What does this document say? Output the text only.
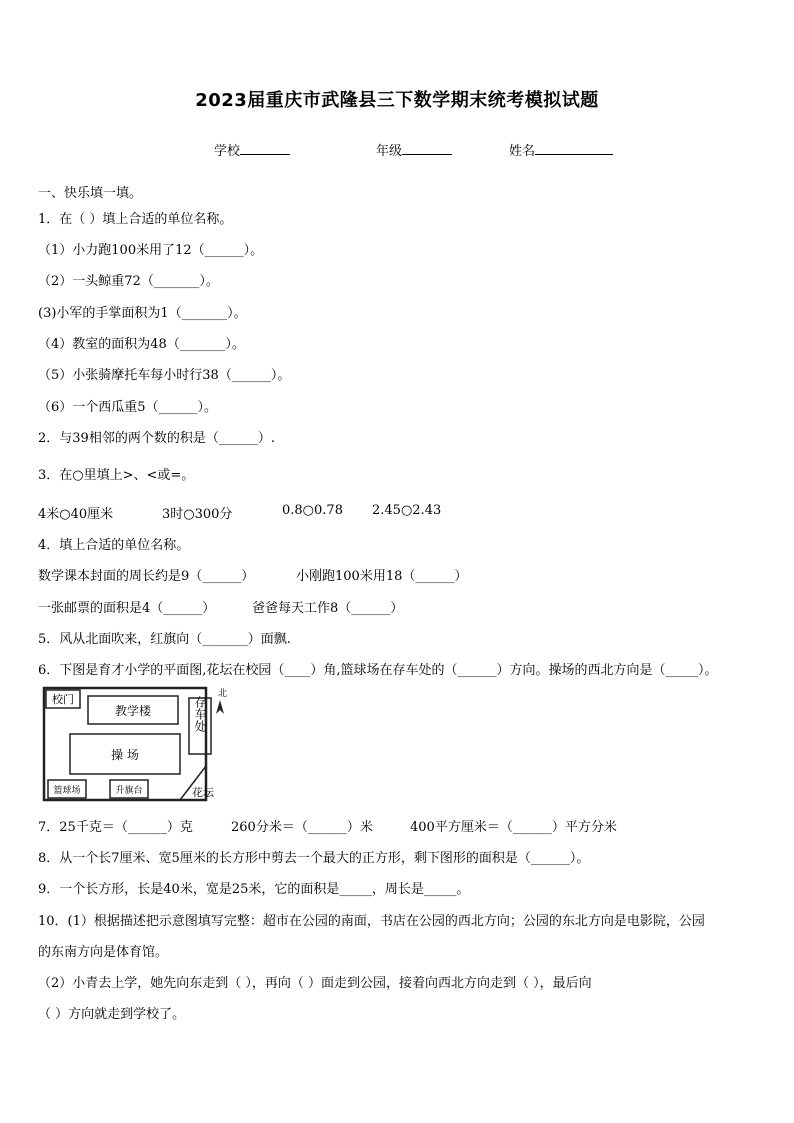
2023届重庆市武隆县三下数学期末统考模拟试题
学校	年级	姓名
一、快乐填一填。
1．在（ ）填上合适的单位名称。
（1）小力跑100米用了12（______）。
（2）一头鲸重72（_______）。
(3)小军的手掌面积为1（_______）。
（4）教室的面积为48（_______）。
（5）小张骑摩托车每小时行38（______）。
（6）一个西瓜重5（______）。
2．与39相邻的两个数的积是（______）.
3．在○里填上>、<或=。
4米○40厘米	3时○300分	0.8○0.78 2.45○2.43
4．填上合适的单位名称。
数学课本封面的周长约是9（______）	小刚跑100米用18（______）
一张邮票的面积是4（______）	爸爸每天工作8（______）
5．风从北面吹来，红旗向（_______）面飘.
6．下图是育才小学的平面图,花坛在校园（____）角,篮球场在存车处的（______）方向。操场的西北方向是（_____）。
校门
教学楼	存车处
操 场
篮球场	升旗台	花坛
北
7．25千克＝（______）克	260分米＝（______）米	400平方厘米＝（______）平方分米
8．从一个长7厘米、宽5厘米的长方形中剪去一个最大的正方形，剩下图形的面积是（______）。
9．一个长方形，长是40米，宽是25米，它的面积是_____，周长是_____。
10．(1）根据描述把示意图填写完整：超市在公园的南面，书店在公园的西北方向；公园的东北方向是电影院，公园
的东南方向是体育馆。
（2）小青去上学，她先向东走到（ ），再向（ ）面走到公园，接着向西北方向走到（ ），最后向
（ ）方向就走到学校了。
